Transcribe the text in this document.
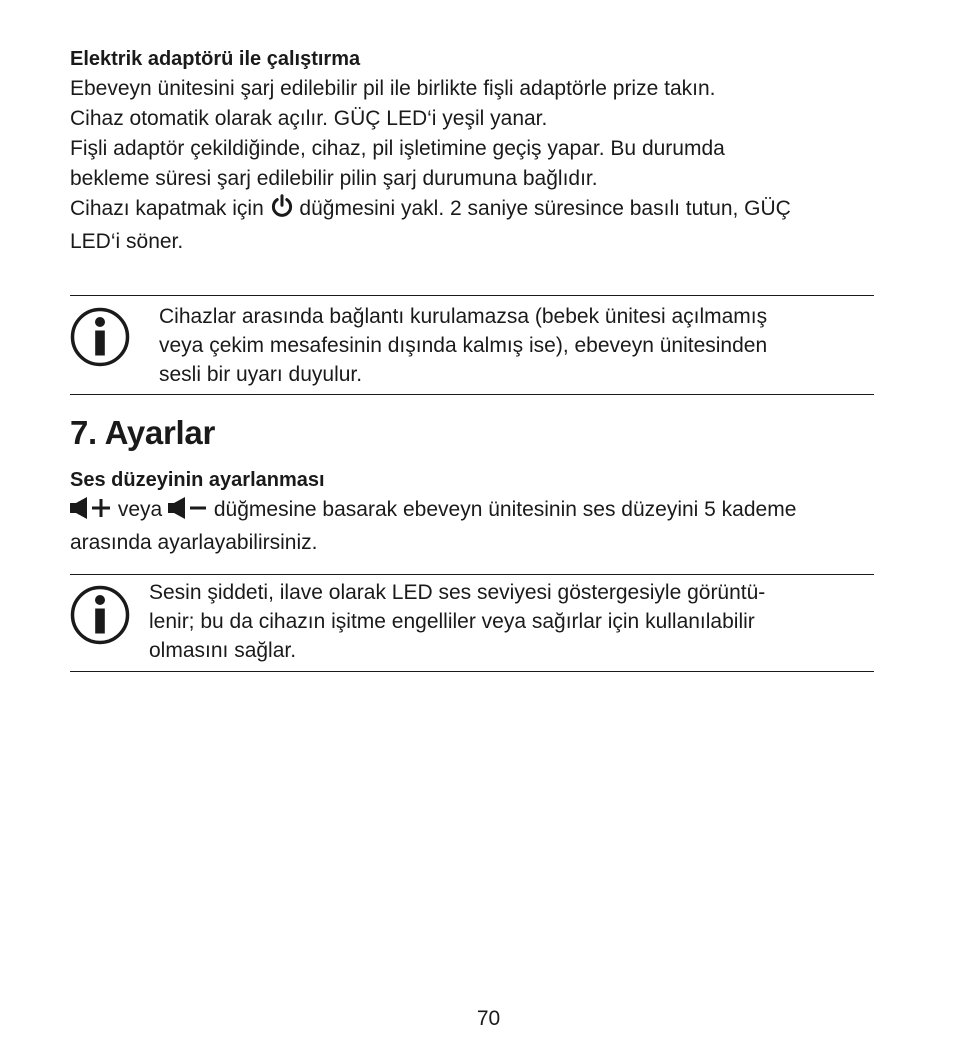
Elektrik adaptörü ile çalıştırma

Ebeveyn ünitesini şarj edilebilir pil ile birlikte fişli adaptörle prize takın.
Cihaz otomatik olarak açılır. GÜÇ LED‘i yeşil yanar.
Fişli adaptör çekildiğinde, cihaz, pil işletimine geçiş yapar. Bu durumda
bekleme süresi şarj edilebilir pilin şarj durumuna bağlıdır.
Cihazı kapatmak için  düğmesini yakl. 2 saniye süresince basılı tutun, GÜÇ
LED‘i söner.

Cihazlar arasında bağlantı kurulamazsa (bebek ünitesi açılmamış
veya çekim mesafesinin dışında kalmış ise), ebeveyn ünitesinden
sesli bir uyarı duyulur.
7. Ayarlar

Ses düzeyinin ayarlanması

veya  düğmesine basarak ebeveyn ünitesinin ses düzeyini 5 kademe
arasında ayarlayabilirsiniz.

Sesin şiddeti, ilave olarak LED ses seviyesi göstergesiyle görüntü-
lenir; bu da cihazın işitme engelliler veya sağırlar için kullanılabilir
olmasını sağlar.
70
